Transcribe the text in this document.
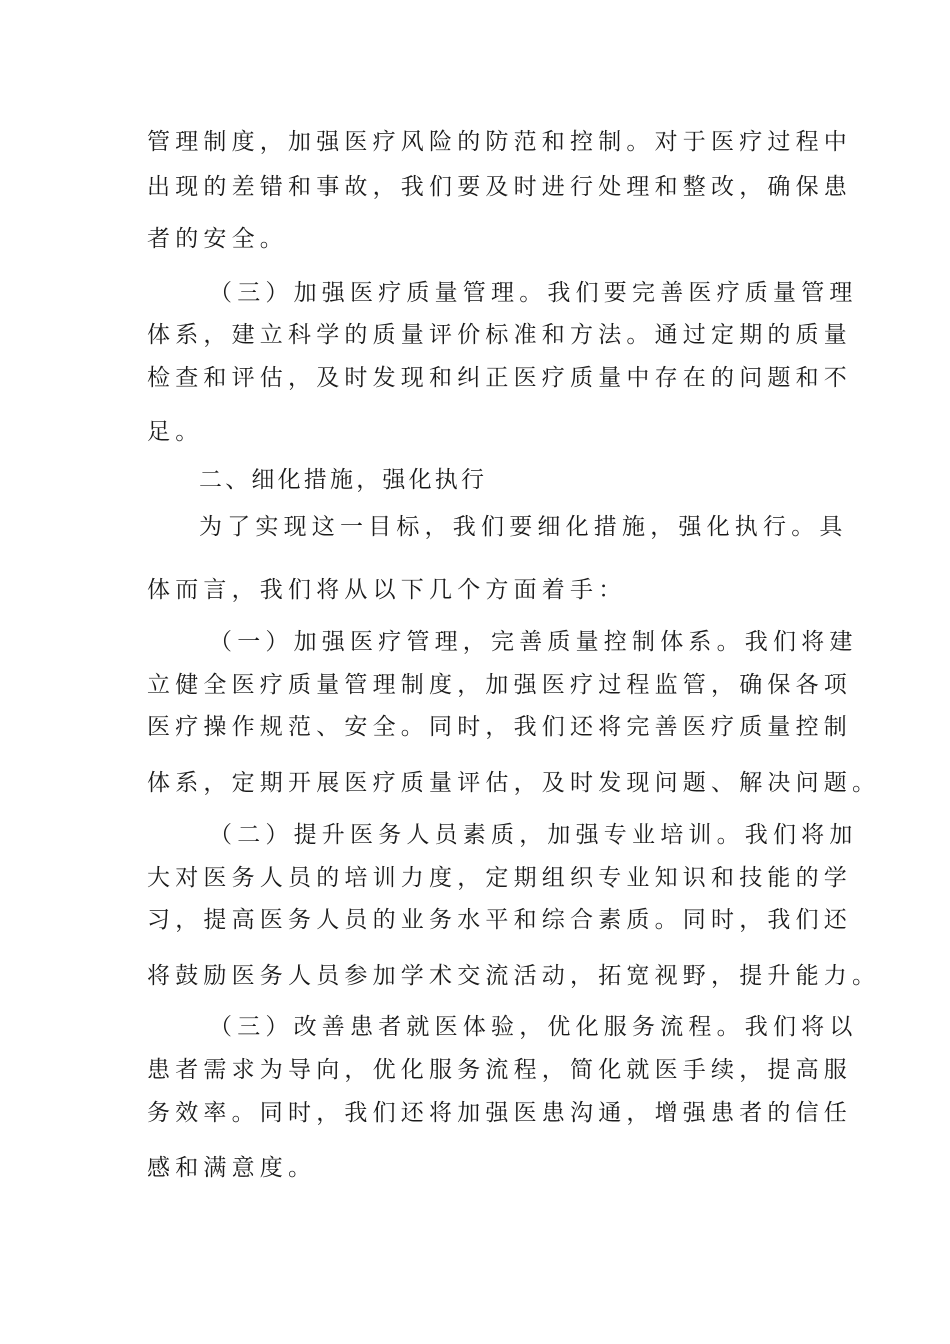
管理制度，加强医疗风险的防范和控制。对于医疗过程中
出现的差错和事故，我们要及时进行处理和整改，确保患
者的安全。
（三）加强医疗质量管理。我们要完善医疗质量管理
体系，建立科学的质量评价标准和方法。通过定期的质量
检查和评估，及时发现和纠正医疗质量中存在的问题和不
足。
二、细化措施，强化执行
为了实现这一目标，我们要细化措施，强化执行。具
体而言，我们将从以下几个方面着手：
（一）加强医疗管理，完善质量控制体系。我们将建
立健全医疗质量管理制度，加强医疗过程监管，确保各项
医疗操作规范、安全。同时，我们还将完善医疗质量控制
体系，定期开展医疗质量评估，及时发现问题、解决问题。
（二）提升医务人员素质，加强专业培训。我们将加
大对医务人员的培训力度，定期组织专业知识和技能的学
习，提高医务人员的业务水平和综合素质。同时，我们还
将鼓励医务人员参加学术交流活动，拓宽视野，提升能力。
（三）改善患者就医体验，优化服务流程。我们将以
患者需求为导向，优化服务流程，简化就医手续，提高服
务效率。同时，我们还将加强医患沟通，增强患者的信任
感和满意度。
